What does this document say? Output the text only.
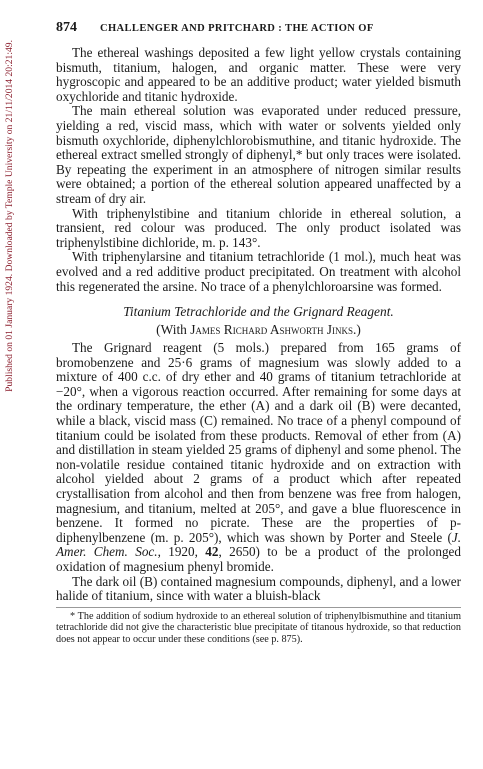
Published on 01 January 1924. Downloaded by Temple University on 21/11/2014 20:21:49.
874	CHALLENGER AND PRITCHARD : THE ACTION OF

The ethereal washings deposited a few light yellow crystals containing bismuth, titanium, halogen, and organic matter. These were very hygroscopic and appeared to be an additive product; water yielded bismuth oxychloride and titanic hydroxide.

The main ethereal solution was evaporated under reduced pressure, yielding a red, viscid mass, which with water or solvents yielded only bismuth oxychloride, diphenylchlorobismuthine, and titanic hydroxide. The ethereal extract smelled strongly of diphenyl,* but only traces were isolated. By repeating the experiment in an atmosphere of nitrogen similar results were obtained; a portion of the ethereal solution appeared unaffected by a stream of dry air.

With triphenylstibine and titanium chloride in ethereal solution, a transient, red colour was produced. The only product isolated was triphenylstibine dichloride, m. p. 143°.

With triphenylarsine and titanium tetrachloride (1 mol.), much heat was evolved and a red additive product precipitated. On treatment with alcohol this regenerated the arsine. No trace of a phenylchloroarsine was formed.

Titanium Tetrachloride and the Grignard Reagent.
(With James Richard Ashworth Jinks.)

The Grignard reagent (5 mols.) prepared from 165 grams of bromobenzene and 25·6 grams of magnesium was slowly added to a mixture of 400 c.c. of dry ether and 40 grams of titanium tetrachloride at −20°, when a vigorous reaction occurred. After remaining for some days at the ordinary temperature, the ether (A) and a dark oil (B) were decanted, while a black, viscid mass (C) remained. No trace of a phenyl compound of titanium could be isolated from these products. Removal of ether from (A) and distillation in steam yielded 25 grams of diphenyl and some phenol. The non-volatile residue contained titanic hydroxide and on extraction with alcohol yielded about 2 grams of a product which after repeated crystallisation from alcohol and then from benzene was free from halogen, magnesium, and titanium, melted at 205°, and gave a blue fluorescence in benzene. It formed no picrate. These are the properties of p-diphenylbenzene (m. p. 205°), which was shown by Porter and Steele (J. Amer. Chem. Soc., 1920, 42, 2650) to be a product of the prolonged oxidation of magnesium phenyl bromide.

The dark oil (B) contained magnesium compounds, diphenyl, and a lower halide of titanium, since with water a bluish-black

* The addition of sodium hydroxide to an ethereal solution of triphenylbismuthine and titanium tetrachloride did not give the characteristic blue precipitate of titanous hydroxide, so that reduction does not appear to occur under these conditions (see p. 875).
